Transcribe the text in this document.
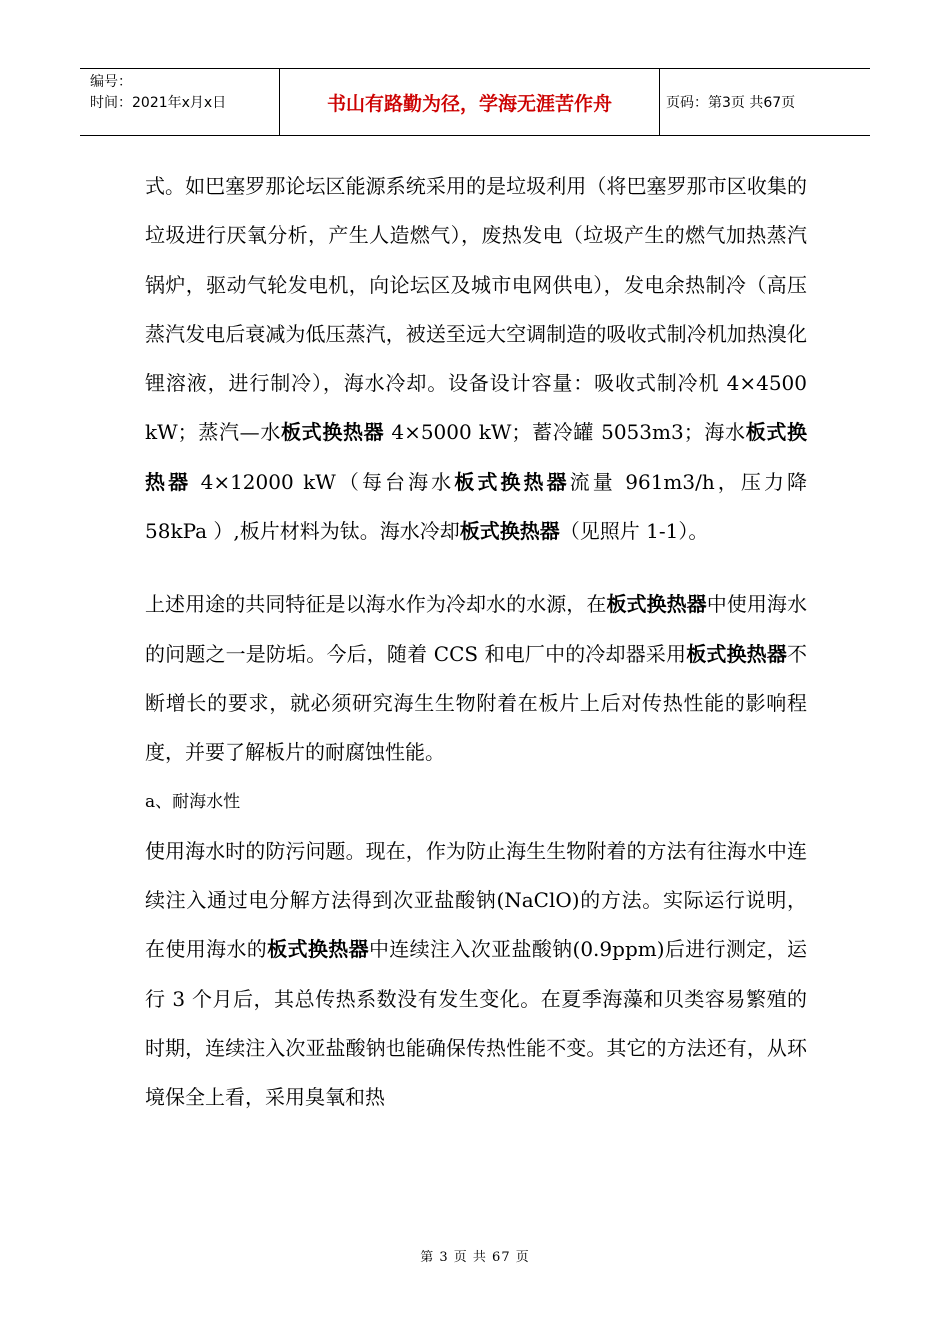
编号：
时间：2021年x月x日	书山有路勤为径，学海无涯苦作舟	页码：第3页 共67页

式。如巴塞罗那论坛区能源系统采用的是垃圾利用（将巴塞罗那市区收集的垃圾进行厌氧分析，产生人造燃气），废热发电（垃圾产生的燃气加热蒸汽锅炉，驱动气轮发电机，向论坛区及城市电网供电），发电余热制冷（高压蒸汽发电后衰减为低压蒸汽，被送至远大空调制造的吸收式制冷机加热溴化锂溶液，进行制冷），海水冷却。设备设计容量：吸收式制冷机 4×4500 kW；蒸汽—水板式换热器 4×5000 kW；蓄冷罐 5053m3；海水板式换热器 4×12000 kW（每台海水板式换热器流量 961m3/h，压力降 58kPa ）,板片材料为钛。海水冷却板式换热器（见照片 1-1）。

上述用途的共同特征是以海水作为冷却水的水源，在板式换热器中使用海水的问题之一是防垢。今后，随着 CCS 和电厂中的冷却器采用板式换热器不断增长的要求，就必须研究海生生物附着在板片上后对传热性能的影响程度，并要了解板片的耐腐蚀性能。

a、耐海水性

使用海水时的防污问题。现在，作为防止海生生物附着的方法有往海水中连续注入通过电分解方法得到次亚盐酸钠(NaClO)的方法。实际运行说明，在使用海水的板式换热器中连续注入次亚盐酸钠(0.9ppm)后进行测定，运行 3 个月后，其总传热系数没有发生变化。在夏季海藻和贝类容易繁殖的时期，连续注入次亚盐酸钠也能确保传热性能不变。其它的方法还有，从环境保全上看，采用臭氧和热

第 3 页 共 67 页
